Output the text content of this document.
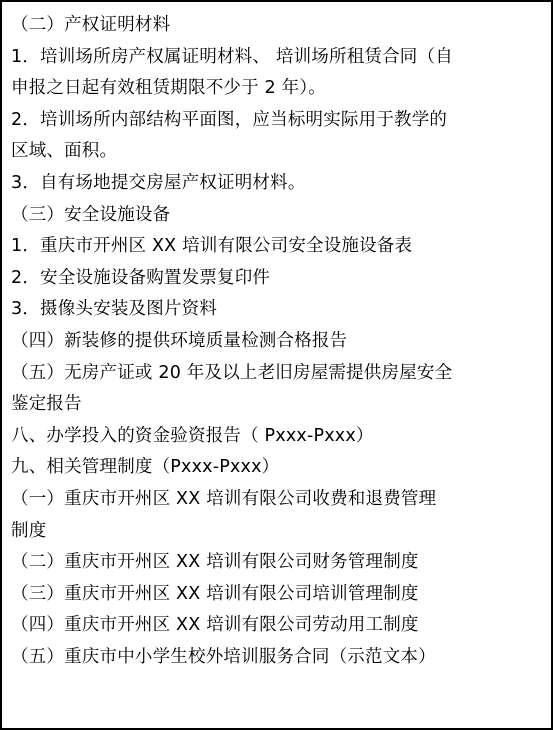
（二）产权证明材料

1．培训场所房产权属证明材料、 培训场所租赁合同（自

申报之日起有效租赁期限不少于 2 年）。

2．培训场所内部结构平面图，应当标明实际用于教学的

区域、面积。

3．自有场地提交房屋产权证明材料。

（三）安全设施设备

1．重庆市开州区 XX 培训有限公司安全设施设备表

2．安全设施设备购置发票复印件

3．摄像头安装及图片资料

（四）新装修的提供环境质量检测合格报告

（五）无房产证或 20 年及以上老旧房屋需提供房屋安全

鉴定报告

八、办学投入的资金验资报告（ Pxxx-Pxxx）

九、相关管理制度（Pxxx-Pxxx）

（一）重庆市开州区 XX 培训有限公司收费和退费管理

制度

（二）重庆市开州区 XX 培训有限公司财务管理制度

（三）重庆市开州区 XX 培训有限公司培训管理制度

（四）重庆市开州区 XX 培训有限公司劳动用工制度

（五）重庆市中小学生校外培训服务合同（示范文本）
